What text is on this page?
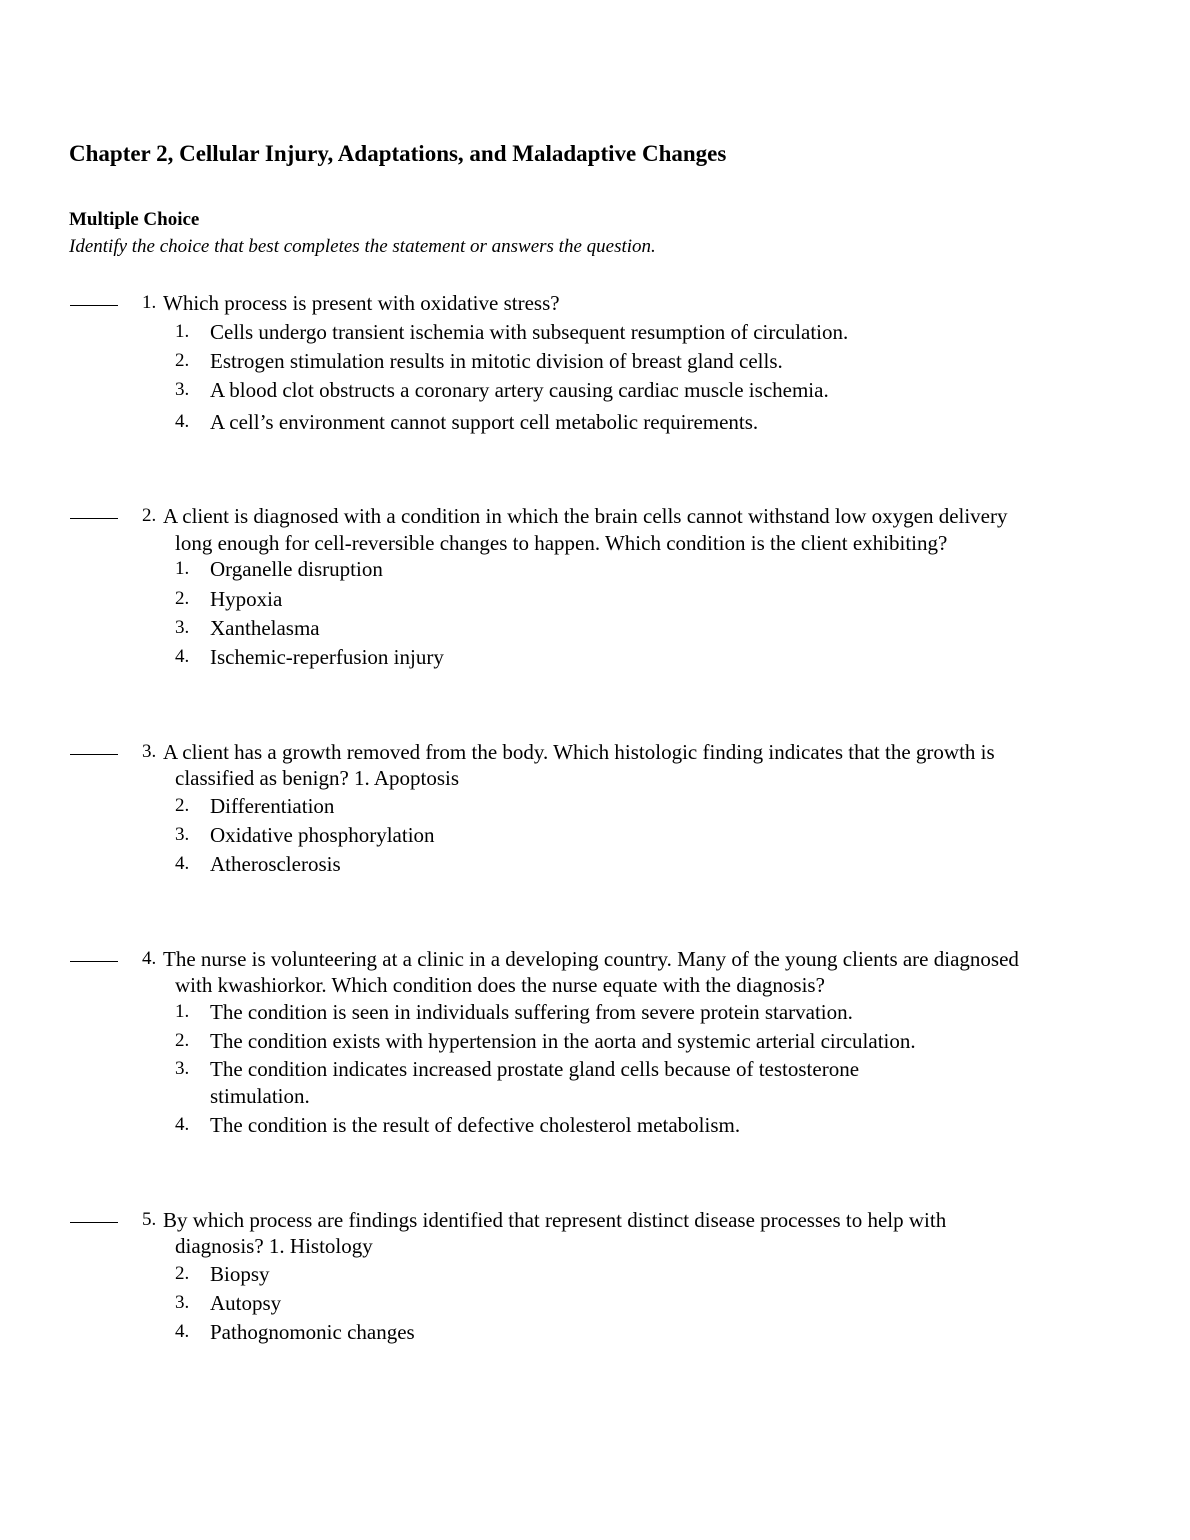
Chapter 2, Cellular Injury, Adaptations, and Maladaptive Changes
Multiple Choice
Identify the choice that best completes the statement or answers the question.
1. Which process is present with oxidative stress?
1. Cells undergo transient ischemia with subsequent resumption of circulation.
2. Estrogen stimulation results in mitotic division of breast gland cells.
3. A blood clot obstructs a coronary artery causing cardiac muscle ischemia.
4. A cell’s environment cannot support cell metabolic requirements.
2. A client is diagnosed with a condition in which the brain cells cannot withstand low oxygen delivery
long enough for cell-reversible changes to happen. Which condition is the client exhibiting?
1. Organelle disruption
2. Hypoxia
3. Xanthelasma
4. Ischemic-reperfusion injury
3. A client has a growth removed from the body. Which histologic finding indicates that the growth is
classified as benign? 1. Apoptosis
2. Differentiation
3. Oxidative phosphorylation
4. Atherosclerosis
4. The nurse is volunteering at a clinic in a developing country. Many of the young clients are diagnosed
with kwashiorkor. Which condition does the nurse equate with the diagnosis?
1. The condition is seen in individuals suffering from severe protein starvation.
2. The condition exists with hypertension in the aorta and systemic arterial circulation.
3. The condition indicates increased prostate gland cells because of testosterone
stimulation.
4. The condition is the result of defective cholesterol metabolism.
5. By which process are findings identified that represent distinct disease processes to help with
diagnosis? 1. Histology
2. Biopsy
3. Autopsy
4. Pathognomonic changes
